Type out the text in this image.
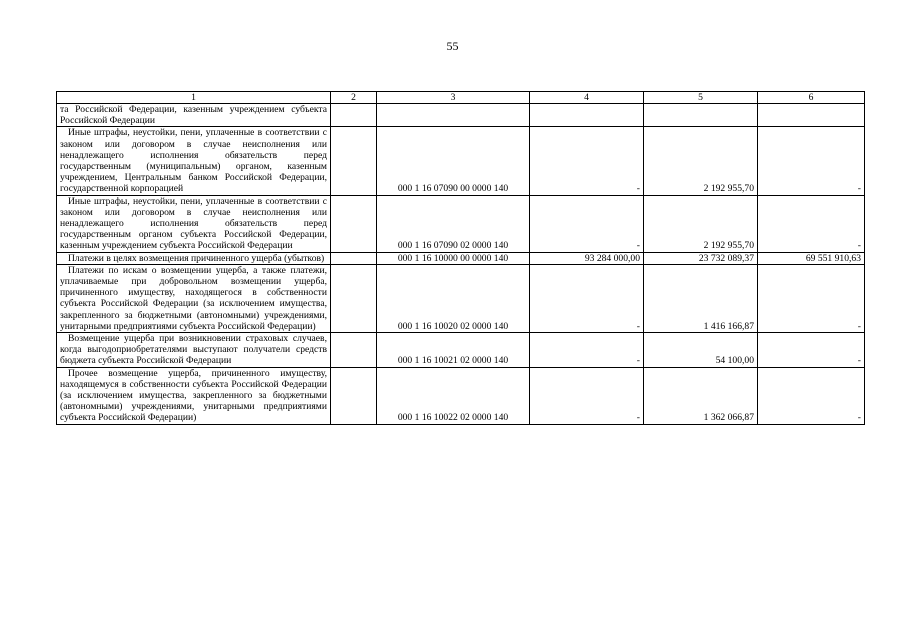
55
1	2	3	4	5	6
та Российской Федерации, казенным учреждением субъекта Российской Федерации					
Иные штрафы, неустойки, пени, уплаченные в соответствии с законом или договором в случае неисполнения или ненадлежащего исполнения обязательств перед государственным (муниципальным) органом, казенным учреждением, Центральным банком Российской Федерации, государственной корпорацией		000 1 16 07090 00 0000 140	-	2 192 955,70	-
Иные штрафы, неустойки, пени, уплаченные в соответствии с законом или договором в случае неисполнения или ненадлежащего исполнения обязательств перед государственным органом субъекта Российской Федерации, казенным учреждением субъекта Российской Федерации		000 1 16 07090 02 0000 140	-	2 192 955,70	-
Платежи в целях возмещения причиненного ущерба (убытков)		000 1 16 10000 00 0000 140	93 284 000,00	23 732 089,37	69 551 910,63
Платежи по искам о возмещении ущерба, а также платежи, уплачиваемые при добровольном возмещении ущерба, причиненного имуществу, находящегося в собственности субъекта Российской Федерации (за исключением имущества, закрепленного за бюджетными (автономными) учреждениями, унитарными предприятиями субъекта Российской Федерации)		000 1 16 10020 02 0000 140	-	1 416 166,87	-
Возмещение ущерба при возникновении страховых случаев, когда выгодоприобретателями выступают получатели средств бюджета субъекта Российской Федерации		000 1 16 10021 02 0000 140	-	54 100,00	-
Прочее возмещение ущерба, причиненного имуществу, находящемуся в собственности субъекта Российской Федерации (за исключением имущества, закрепленного за бюджетными (автономными) учреждениями, унитарными предприятиями субъекта Российской Федерации)		000 1 16 10022 02 0000 140	-	1 362 066,87	-
